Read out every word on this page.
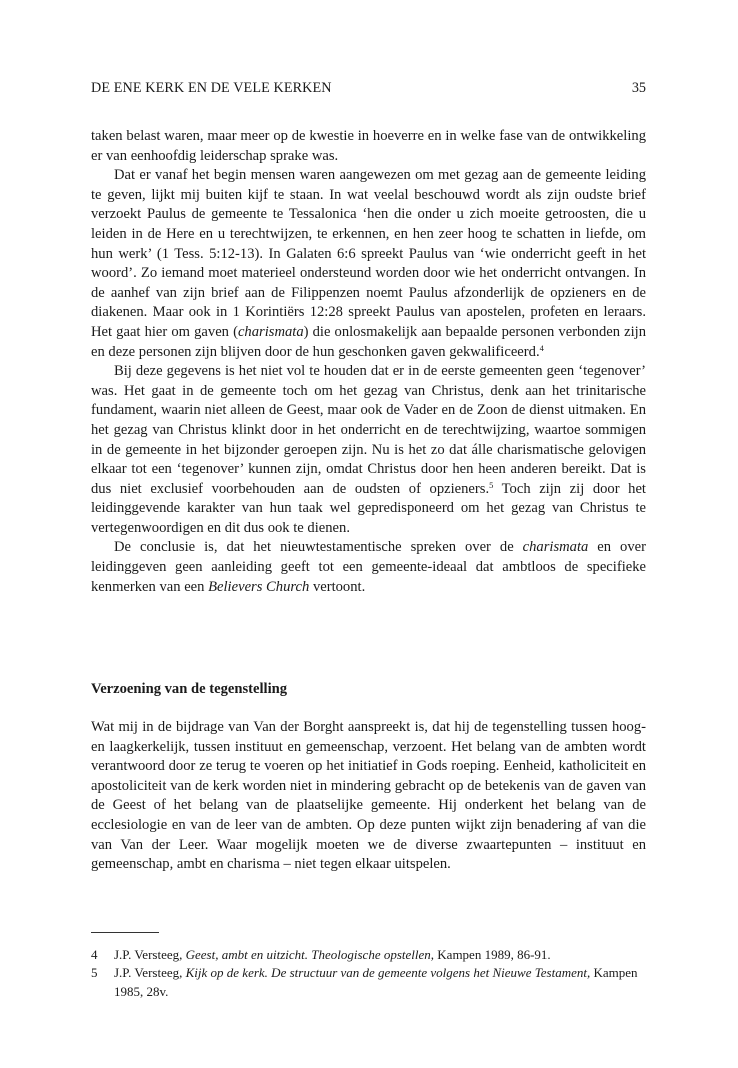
DE ENE KERK EN DE VELE KERKEN	35

taken belast waren, maar meer op de kwestie in hoeverre en in welke fase van de ontwikkeling er van eenhoofdig leiderschap sprake was.

Dat er vanaf het begin mensen waren aangewezen om met gezag aan de gemeente leiding te geven, lijkt mij buiten kijf te staan. In wat veelal beschouwd wordt als zijn oudste brief verzoekt Paulus de gemeente te Tessalonica ‘hen die onder u zich moeite getroosten, die u leiden in de Here en u terechtwijzen, te erkennen, en hen zeer hoog te schatten in liefde, om hun werk’ (1 Tess. 5:12-13). In Galaten 6:6 spreekt Paulus van ‘wie onderricht geeft in het woord’. Zo iemand moet materieel ondersteund worden door wie het onderricht ontvangen. In de aanhef van zijn brief aan de Filippenzen noemt Paulus afzonderlijk de opzieners en de diakenen. Maar ook in 1 Korintiërs 12:28 spreekt Paulus van apostelen, profeten en leraars. Het gaat hier om gaven (charismata) die onlosmakelijk aan bepaalde personen verbonden zijn en deze personen zijn blijven door de hun geschonken gaven gekwalificeerd.$^4$

Bij deze gegevens is het niet vol te houden dat er in de eerste gemeenten geen ‘tegenover’ was. Het gaat in de gemeente toch om het gezag van Christus, denk aan het trinitarische fundament, waarin niet alleen de Geest, maar ook de Vader en de Zoon de dienst uitmaken. En het gezag van Christus klinkt door in het onderricht en de terechtwijzing, waartoe sommigen in de gemeente in het bijzonder geroepen zijn. Nu is het zo dat álle charismatische gelovigen elkaar tot een ‘tegenover’ kunnen zijn, omdat Christus door hen heen anderen bereikt. Dat is dus niet exclusief voorbehouden aan de oudsten of opzieners.$^5$ Toch zijn zij door het leidinggevende karakter van hun taak wel gepredisponeerd om het gezag van Christus te vertegenwoordigen en dit dus ook te dienen.

De conclusie is, dat het nieuwtestamentische spreken over de charismata en over leidinggeven geen aanleiding geeft tot een gemeente-ideaal dat ambtloos de specifieke kenmerken van een Believers Church vertoont.

Verzoening van de tegenstelling

Wat mij in de bijdrage van Van der Borght aanspreekt is, dat hij de tegenstelling tussen hoog- en laagkerkelijk, tussen instituut en gemeenschap, verzoent. Het belang van de ambten wordt verantwoord door ze terug te voeren op het initiatief in Gods roeping. Eenheid, katholiciteit en apostoliciteit van de kerk worden niet in mindering gebracht op de betekenis van de gaven van de Geest of het belang van de plaatselijke gemeente. Hij onderkent het belang van de ecclesiologie en van de leer van de ambten. Op deze punten wijkt zijn benadering af van die van Van der Leer. Waar mogelijk moeten we de diverse zwaartepunten – instituut en gemeenschap, ambt en charisma – niet tegen elkaar uitspelen.

4 J.P. Versteeg, Geest, ambt en uitzicht. Theologische opstellen, Kampen 1989, 86-91.
5 J.P. Versteeg, Kijk op de kerk. De structuur van de gemeente volgens het Nieuwe Testament, Kampen 1985, 28v.
